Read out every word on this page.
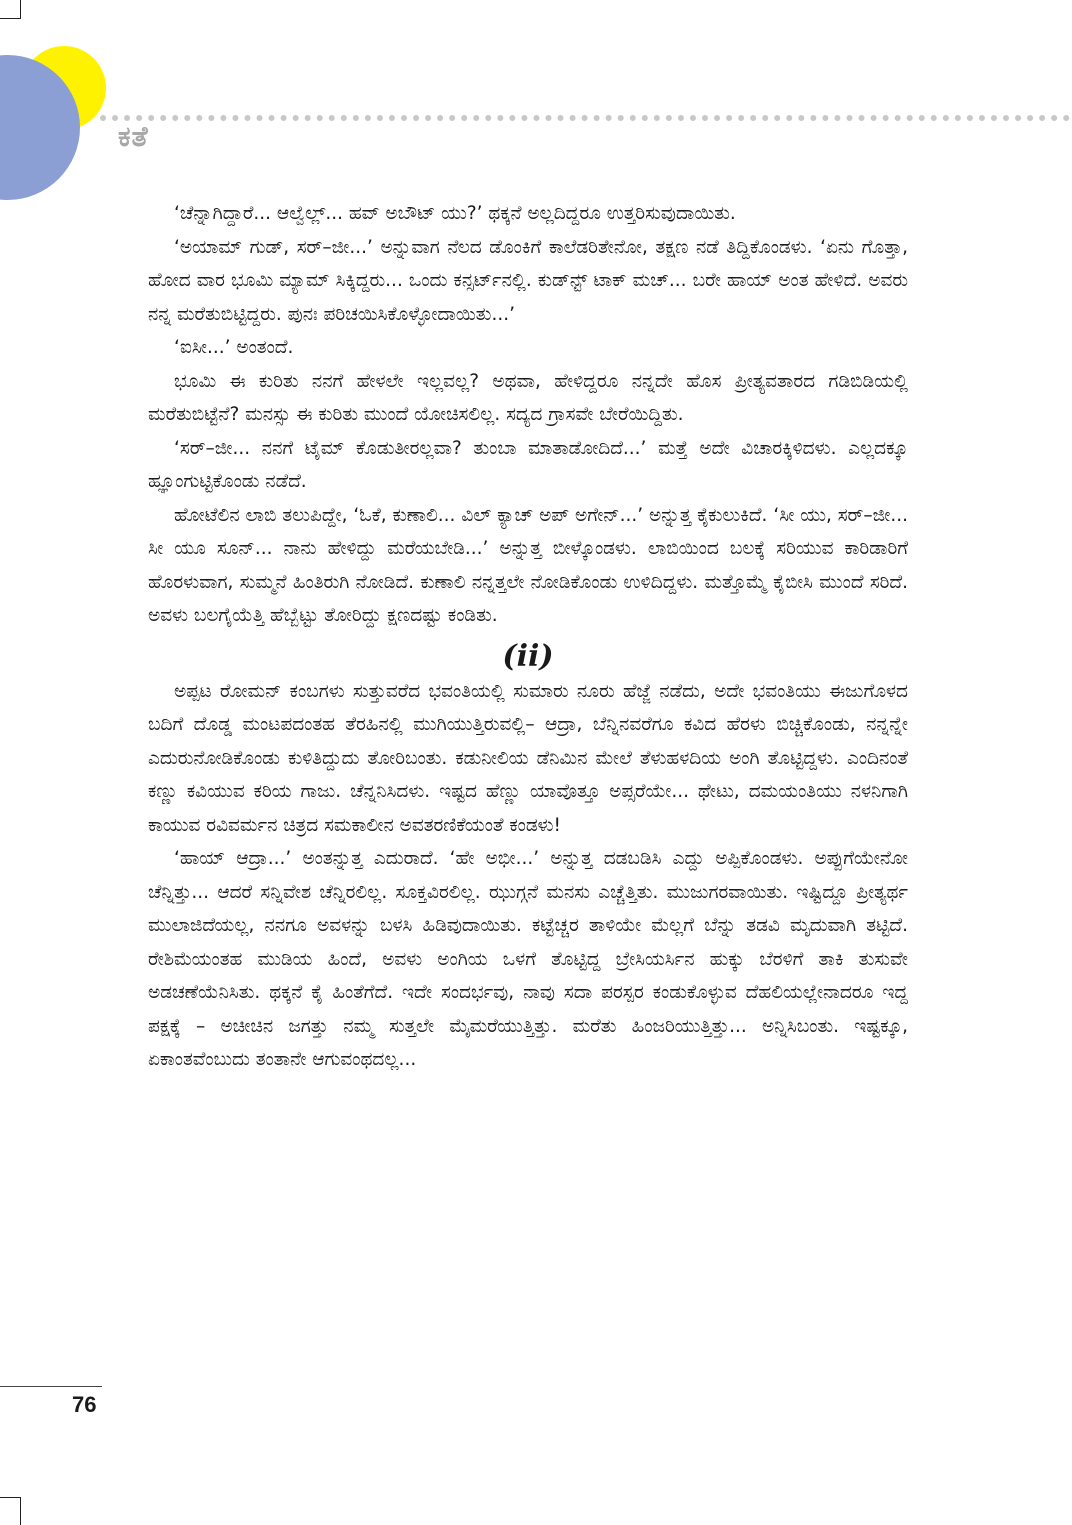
ಕತೆ

‘ಚೆನ್ನಾಗಿದ್ದಾರೆ... ಆಲ್ವೆಲ್ಲ್... ಹವ್ ಅಬೌಟ್ ಯು?’ ಥಕ್ಕನೆ ಅಲ್ಲದಿದ್ದರೂ ಉತ್ತರಿಸುವುದಾಯಿತು.

‘ಅಯಾಮ್ ಗುಡ್, ಸರ್–ಜೀ...’ ಅನ್ನುವಾಗ ನೆಲದ ಡೊಂಕಿಗೆ ಕಾಲೆಡರಿತೇನೋ, ತಕ್ಷಣ ನಡೆ ತಿದ್ದಿಕೊಂಡಳು. ‘ಏನು ಗೊತ್ತಾ, ಹೋದ ವಾರ ಭೂಮಿ ಮ್ಯಾಮ್ ಸಿಕ್ಕಿದ್ದರು... ಒಂದು ಕನ್ಸರ್ಟ್‌ನಲ್ಲಿ. ಕುಡ್‌ನ್ಟ್ ಟಾಕ್ ಮಚ್... ಬರೇ ಹಾಯ್ ಅಂತ ಹೇಳಿದೆ. ಅವರು ನನ್ನ ಮರೆತುಬಿಟ್ಟಿದ್ದರು. ಪುನಃ ಪರಿಚಯಿಸಿಕೊಳ್ಳೋದಾಯಿತು...’

‘ಐಸೀ...’ ಅಂತಂದೆ.

ಭೂಮಿ ಈ ಕುರಿತು ನನಗೆ ಹೇಳಲೇ ಇಲ್ಲವಲ್ಲ? ಅಥವಾ, ಹೇಳಿದ್ದರೂ ನನ್ನದೇ ಹೊಸ ಪ್ರೀತ್ಯವತಾರದ ಗಡಿಬಿಡಿಯಲ್ಲಿ ಮರೆತುಬಿಟ್ಟೆನೆ? ಮನಸ್ಸು ಈ ಕುರಿತು ಮುಂದೆ ಯೋಚಿಸಲಿಲ್ಲ. ಸದ್ಯದ ಗ್ರಾಸವೇ ಬೇರೆಯಿದ್ದಿತು.

‘ಸರ್–ಜೀ... ನನಗೆ ಟೈಮ್ ಕೊಡುತೀರಲ್ಲವಾ? ತುಂಬಾ ಮಾತಾಡೋದಿದೆ...’ ಮತ್ತೆ ಅದೇ ವಿಚಾರಕ್ಕಿಳಿದಳು. ಎಲ್ಲದಕ್ಕೂ ಹ್ಞೂಂಗುಟ್ಟಿಕೊಂಡು ನಡೆದೆ.

ಹೋಟೆಲಿನ ಲಾಬಿ ತಲುಪಿದ್ದೇ, ‘ಓಕೆ, ಕುಣಾಲಿ... ವಿಲ್ ಕ್ಯಾಚ್ ಅಪ್ ಅಗೇನ್...’ ಅನ್ನುತ್ತ ಕೈಕುಲುಕಿದೆ. ‘ಸೀ ಯು, ಸರ್–ಜೀ... ಸೀ ಯೂ ಸೂನ್... ನಾನು ಹೇಳಿದ್ದು ಮರೆಯಬೇಡಿ...’ ಅನ್ನುತ್ತ ಬೀಳ್ಕೊಂಡಳು. ಲಾಬಿಯಿಂದ ಬಲಕ್ಕೆ ಸರಿಯುವ ಕಾರಿಡಾರಿಗೆ ಹೊರಳುವಾಗ, ಸುಮ್ಮನೆ ಹಿಂತಿರುಗಿ ನೋಡಿದೆ. ಕುಣಾಲಿ ನನ್ನತ್ತಲೇ ನೋಡಿಕೊಂಡು ಉಳಿದಿದ್ದಳು. ಮತ್ತೊಮ್ಮೆ ಕೈಬೀಸಿ ಮುಂದೆ ಸರಿದೆ. ಅವಳು ಬಲಗೈಯೆತ್ತಿ ಹೆಬ್ಬೆಟ್ಟು ತೋರಿದ್ದು ಕ್ಷಣದಷ್ಟು ಕಂಡಿತು.

(ii)

ಅಪ್ಪಟ ರೋಮನ್ ಕಂಬಗಳು ಸುತ್ತುವರೆದ ಭವಂತಿಯಲ್ಲಿ ಸುಮಾರು ನೂರು ಹೆಜ್ಜೆ ನಡೆದು, ಅದೇ ಭವಂತಿಯು ಈಜುಗೊಳದ ಬದಿಗೆ ದೊಡ್ಡ ಮಂಟಪದಂತಹ ತೆರಹಿನಲ್ಲಿ ಮುಗಿಯುತ್ತಿರುವಲ್ಲಿ– ಆದ್ರಾ, ಬೆನ್ನಿನವರೆಗೂ ಕವಿದ ಹೆರಳು ಬಿಚ್ಚಿಕೊಂಡು, ನನ್ನನ್ನೇ ಎದುರುನೋಡಿಕೊಂಡು ಕುಳಿತಿದ್ದುದು ತೋರಿಬಂತು. ಕಡುನೀಲಿಯ ಡೆನಿಮಿನ ಮೇಲೆ ತೆಳುಹಳದಿಯ ಅಂಗಿ ತೊಟ್ಟಿದ್ದಳು. ಎಂದಿನಂತೆ ಕಣ್ಣು ಕವಿಯುವ ಕರಿಯ ಗಾಜು. ಚೆನ್ನನಿಸಿದಳು. ಇಷ್ಟದ ಹೆಣ್ಣು ಯಾವೊತ್ತೂ ಅಪ್ಸರೆಯೇ... ಥೇಟು, ದಮಯಂತಿಯು ನಳನಿಗಾಗಿ ಕಾಯುವ ರವಿವರ್ಮನ ಚಿತ್ರದ ಸಮಕಾಲೀನ ಅವತರಣಿಕೆಯಂತೆ ಕಂಡಳು!

‘ಹಾಯ್ ಆದ್ರಾ...’ ಅಂತನ್ನುತ್ತ ಎದುರಾದೆ. ‘ಹೇ ಅಭೀ...’ ಅನ್ನುತ್ತ ದಡಬಡಿಸಿ ಎದ್ದು ಅಪ್ಪಿಕೊಂಡಳು. ಅಪ್ಪುಗೆಯೇನೋ ಚೆನ್ನಿತ್ತು... ಆದರೆ ಸನ್ನಿವೇಶ ಚೆನ್ನಿರಲಿಲ್ಲ. ಸೂಕ್ತವಿರಲಿಲ್ಲ. ಝುಗ್ಗನೆ ಮನಸು ಎಚ್ಚೆತ್ತಿತು. ಮುಜುಗರವಾಯಿತು. ಇಷ್ಟಿದ್ದೂ ಪ್ರೀತ್ಯರ್ಥ ಮುಲಾಜಿದೆಯಲ್ಲ, ನನಗೂ ಅವಳನ್ನು ಬಳಸಿ ಹಿಡಿವುದಾಯಿತು. ಕಟ್ಟೆಚ್ಚರ ತಾಳಿಯೇ ಮೆಲ್ಲಗೆ ಬೆನ್ನು ತಡವಿ ಮೃದುವಾಗಿ ತಟ್ಟಿದೆ. ರೇಶಿಮೆಯಂತಹ ಮುಡಿಯ ಹಿಂದೆ, ಅವಳು ಅಂಗಿಯ ಒಳಗೆ ತೊಟ್ಟಿದ್ದ ಬ್ರೇಸಿಯರ್ಸಿನ ಹುಕ್ಕು ಬೆರಳಿಗೆ ತಾಕಿ ತುಸುವೇ ಅಡಚಣೆಯೆನಿಸಿತು. ಥಕ್ಕನೆ ಕೈ ಹಿಂತೆಗೆದೆ. ಇದೇ ಸಂದರ್ಭವು, ನಾವು ಸದಾ ಪರಸ್ಪರ ಕಂಡುಕೊಳ್ಳುವ ದೆಹಲಿಯಲ್ಲೇನಾದರೂ ಇದ್ದ ಪಕ್ಷಕ್ಕೆ – ಅಚೀಚಿನ ಜಗತ್ತು ನಮ್ಮ ಸುತ್ತಲೇ ಮೈಮರೆಯುತ್ತಿತ್ತು. ಮರೆತು ಹಿಂಜರಿಯುತ್ತಿತ್ತು... ಅನ್ನಿಸಿಬಂತು. ಇಷ್ಟಕ್ಕೂ, ಏಕಾಂತವೆಂಬುದು ತಂತಾನೇ ಆಗುವಂಥದಲ್ಲ...

76
